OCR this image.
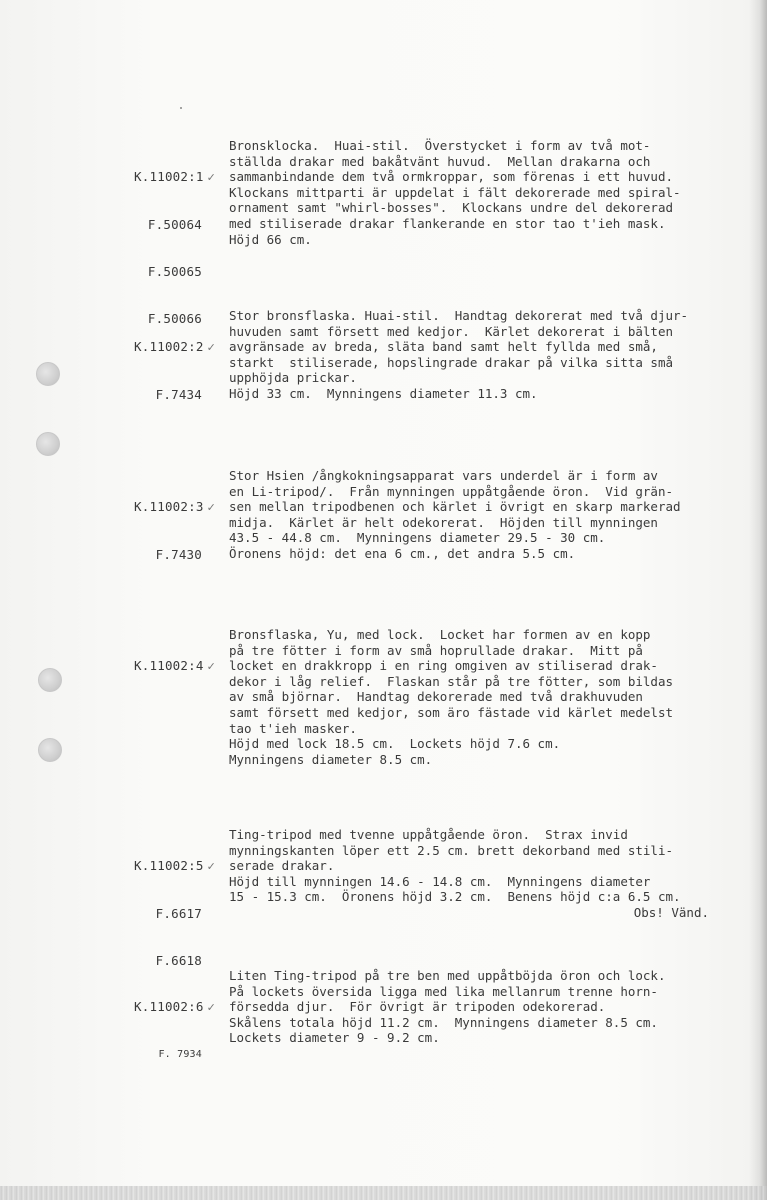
K.11002:1 ✓

F.50064

F.50065

F.50066

Bronsklocka.  Huai-stil.  Överstycket i form av två mot-
ställda drakar med bakåtvänt huvud.  Mellan drakarna och
sammanbindande dem två ormkroppar, som förenas i ett huvud.
Klockans mittparti är uppdelat i fält dekorerade med spiral-
ornament samt "whirl-bosses".  Klockans undre del dekorerad
med stiliserade drakar flankerande en stor tao t'ieh mask.
Höjd 66 cm.

K.11002:2 ✓

F.7434

Stor bronsflaska. Huai-stil.  Handtag dekorerat med två djur-
huvuden samt försett med kedjor.  Kärlet dekorerat i bälten
avgränsade av breda, släta band samt helt fyllda med små,
starkt  stiliserade, hopslingrade drakar på vilka sitta små
upphöjda prickar.
Höjd 33 cm.  Mynningens diameter 11.3 cm.

K.11002:3 ✓

F.7430

Stor Hsien /ångkokningsapparat vars underdel är i form av
en Li-tripod/.  Från mynningen uppåtgående öron.  Vid grän-
sen mellan tripodbenen och kärlet i övrigt en skarp markerad
midja.  Kärlet är helt odekorerat.  Höjden till mynningen
43.5 - 44.8 cm.  Mynningens diameter 29.5 - 30 cm.
Öronens höjd: det ena 6 cm., det andra 5.5 cm.

K.11002:4 ✓

Bronsflaska, Yu, med lock.  Locket har formen av en kopp
på tre fötter i form av små hoprullade drakar.  Mitt på
locket en drakkropp i en ring omgiven av stiliserad drak-
dekor i låg relief.  Flaskan står på tre fötter, som bildas
av små björnar.  Handtag dekorerade med två drakhuvuden
samt försett med kedjor, som äro fästade vid kärlet medelst
tao t'ieh masker.
Höjd med lock 18.5 cm.  Lockets höjd 7.6 cm.
Mynningens diameter 8.5 cm.

K.11002:5 ✓

F.6617

F.6618

Ting-tripod med tvenne uppåtgående öron.  Strax invid
mynningskanten löper ett 2.5 cm. brett dekorband med stili-
serade drakar.
Höjd till mynningen 14.6 - 14.8 cm.  Mynningens diameter
15 - 15.3 cm.  Öronens höjd 3.2 cm.  Benens höjd c:a 6.5 cm.
Obs! Vänd.

K.11002:6 ✓

F. 7934

Liten Ting-tripod på tre ben med uppåtböjda öron och lock.
På lockets översida ligga med lika mellanrum trenne horn-
försedda djur.  För övrigt är tripoden odekorerad.
Skålens totala höjd 11.2 cm.  Mynningens diameter 8.5 cm.
Lockets diameter 9 - 9.2 cm.
